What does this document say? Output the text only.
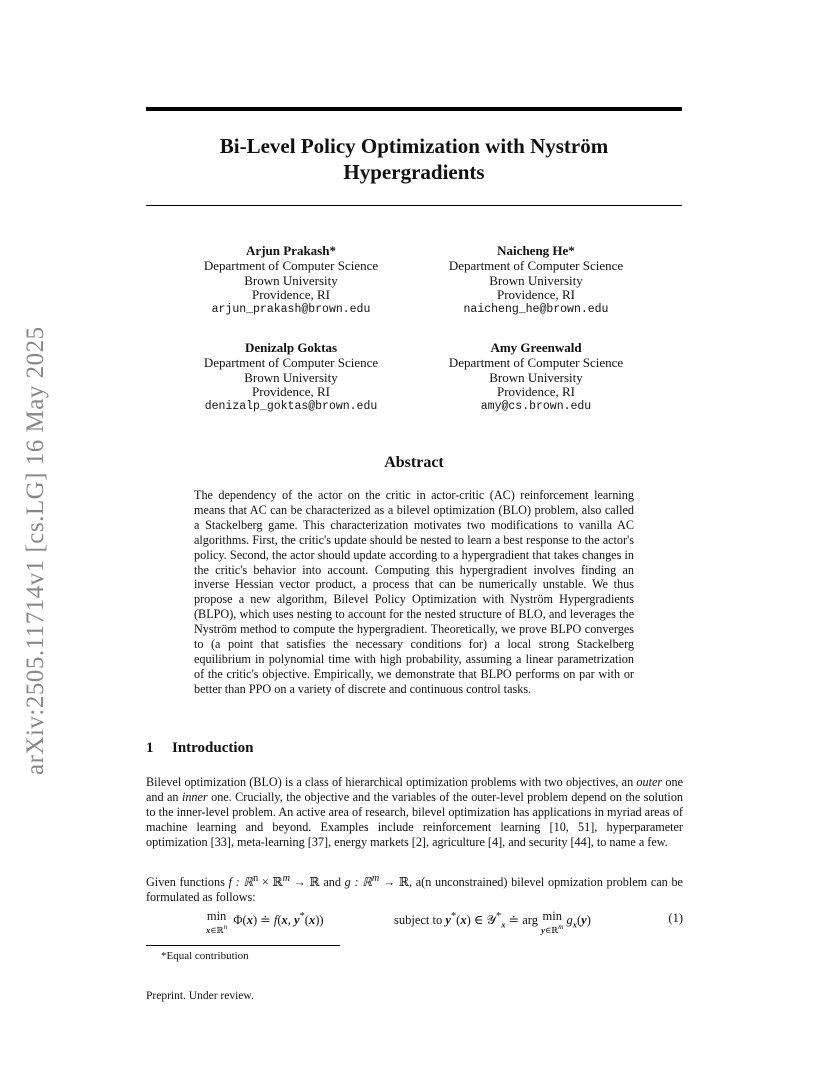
arXiv:2505.11714v1 [cs.LG] 16 May 2025
Bi-Level Policy Optimization with Nyström
Hypergradients
Arjun Prakash*
Department of Computer Science
Brown University
Providence, RI
arjun_prakash@brown.edu
Naicheng He*
Department of Computer Science
Brown University
Providence, RI
naicheng_he@brown.edu
Denizalp Goktas
Department of Computer Science
Brown University
Providence, RI
denizalp_goktas@brown.edu
Amy Greenwald
Department of Computer Science
Brown University
Providence, RI
amy@cs.brown.edu
Abstract
The dependency of the actor on the critic in actor-critic (AC) reinforcement learning means that AC can be characterized as a bilevel optimization (BLO) problem, also called a Stackelberg game. This characterization motivates two modifications to vanilla AC algorithms. First, the critic's update should be nested to learn a best response to the actor's policy. Second, the actor should update according to a hypergradient that takes changes in the critic's behavior into account. Computing this hypergradient involves finding an inverse Hessian vector product, a process that can be numerically unstable. We thus propose a new algorithm, Bilevel Policy Optimization with Nyström Hypergradients (BLPO), which uses nesting to account for the nested structure of BLO, and leverages the Nyström method to compute the hypergradient. Theoretically, we prove BLPO converges to (a point that satisfies the necessary conditions for) a local strong Stackelberg equilibrium in polynomial time with high probability, assuming a linear parametrization of the critic's objective. Empirically, we demonstrate that BLPO performs on par with or better than PPO on a variety of discrete and continuous control tasks.
1 Introduction
Bilevel optimization (BLO) is a class of hierarchical optimization problems with two objectives, an outer one and an inner one. Crucially, the objective and the variables of the outer-level problem depend on the solution to the inner-level problem. An active area of research, bilevel optimization has applications in myriad areas of machine learning and beyond. Examples include reinforcement learning [10, 51], hyperparameter optimization [33], meta-learning [37], energy markets [2], agriculture [4], and security [44], to name a few.
Given functions f : ℝ$^n$ × ℝ$^m$ → ℝ and g : ℝ$^m$ → ℝ, a(n unconstrained) bilevel opmization problem can be formulated as follows:
min
x∈ℝ$^n$  Φ(x) ≐ f(x, y*(x))	subject to y*(x) ∈ 𝒴*$_x$ ≐ arg min
y∈ℝ$^m$ $g_x(y)$	(1)
*Equal contribution
Preprint. Under review.
